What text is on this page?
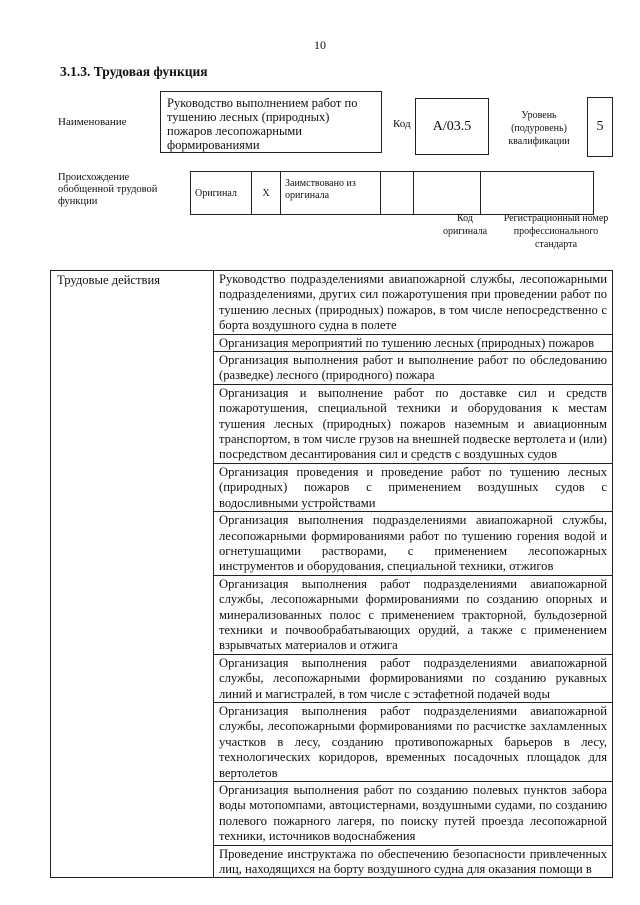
10
3.1.3. Трудовая функция
Наименование
Руководство выполнением работ по тушению лесных (природных) пожаров лесопожарными формированиями
Код	А/03.5
Уровень (подуровень) квалификации
5
Происхождение обобщенной трудовой функции
Оригинал	Х	Заимствовано из оригинала			
Код оригинала
Регистрационный номер профессионального стандарта
Трудовые действия	Руководство подразделениями авиапожарной службы, лесопожарными подразделениями, других сил пожаротушения при проведении работ по тушению лесных (природных) пожаров, в том числе непосредственно с борта воздушного судна в полете
Организация мероприятий по тушению лесных (природных) пожаров
Организация выполнения работ и выполнение работ по обследованию (разведке) лесного (природного) пожара
Организация и выполнение работ по доставке сил и средств пожаротушения, специальной техники и оборудования к местам тушения лесных (природных) пожаров наземным и авиационным транспортом, в том числе грузов на внешней подвеске вертолета и (или) посредством десантирования сил и средств с воздушных судов
Организация проведения и проведение работ по тушению лесных (природных) пожаров с применением воздушных судов с водосливными устройствами
Организация выполнения подразделениями авиапожарной службы, лесопожарными формированиями работ по тушению горения водой и огнетушащими растворами, с применением лесопожарных инструментов и оборудования, специальной техники, отжигов
Организация выполнения работ подразделениями авиапожарной службы, лесопожарными формированиями по созданию опорных и минерализованных полос с применением тракторной, бульдозерной техники и почвообрабатывающих орудий, а также с применением взрывчатых материалов и отжига
Организация выполнения работ подразделениями авиапожарной службы, лесопожарными формированиями по созданию рукавных линий и магистралей, в том числе с эстафетной подачей воды
Организация выполнения работ подразделениями авиапожарной службы, лесопожарными формированиями по расчистке захламленных участков в лесу, созданию противопожарных барьеров в лесу, технологических коридоров, временных посадочных площадок для вертолетов
Организация выполнения работ по созданию полевых пунктов забора воды мотопомпами, автоцистернами, воздушными судами, по созданию полевого пожарного лагеря, по поиску путей проезда лесопожарной техники, источников водоснабжения
Проведение инструктажа по обеспечению безопасности привлеченных лиц, находящихся на борту воздушного судна для оказания помощи в
